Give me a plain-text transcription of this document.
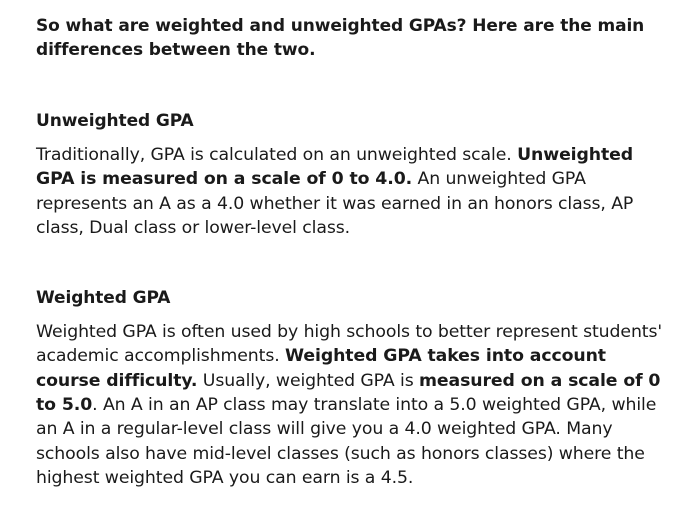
So what are weighted and unweighted GPAs? Here are the main differences between the two.

Unweighted GPA

Traditionally, GPA is calculated on an unweighted scale. Unweighted GPA is measured on a scale of 0 to 4.0. An unweighted GPA represents an A as a 4.0 whether it was earned in an honors class, AP class, Dual class or lower-level class.

Weighted GPA

Weighted GPA is often used by high schools to better represent students' academic accomplishments. Weighted GPA takes into account course difficulty. Usually, weighted GPA is measured on a scale of 0 to 5.0. An A in an AP class may translate into a 5.0 weighted GPA, while an A in a regular-level class will give you a 4.0 weighted GPA. Many schools also have mid-level classes (such as honors classes) where the highest weighted GPA you can earn is a 4.5.
